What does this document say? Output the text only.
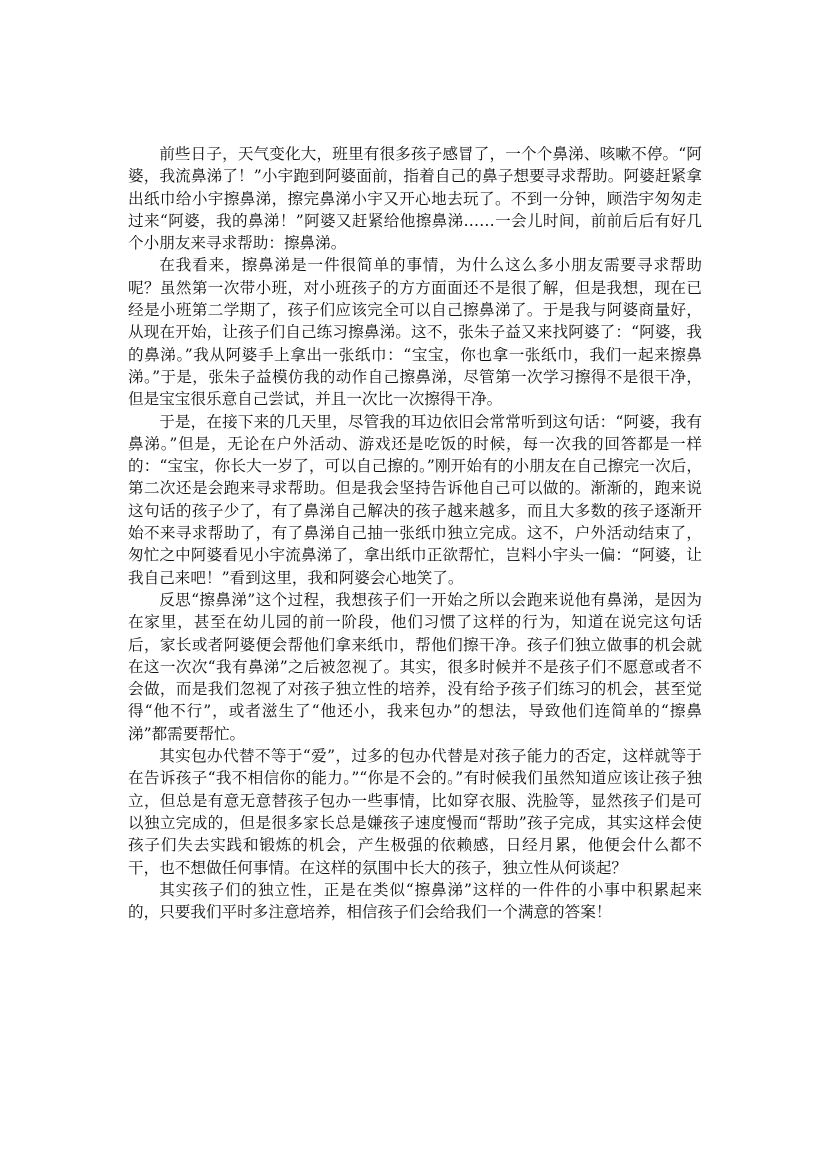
前些日子，天气变化大，班里有很多孩子感冒了，一个个鼻涕、咳嗽不停。“阿婆，我流鼻涕了！”小宇跑到阿婆面前，指着自己的鼻子想要寻求帮助。阿婆赶紧拿出纸巾给小宇擦鼻涕，擦完鼻涕小宇又开心地去玩了。不到一分钟，顾浩宇匆匆走过来“阿婆，我的鼻涕！”阿婆又赶紧给他擦鼻涕……一会儿时间，前前后后有好几个小朋友来寻求帮助：擦鼻涕。

在我看来，擦鼻涕是一件很简单的事情，为什么这么多小朋友需要寻求帮助呢？虽然第一次带小班，对小班孩子的方方面面还不是很了解，但是我想，现在已经是小班第二学期了，孩子们应该完全可以自己擦鼻涕了。于是我与阿婆商量好，从现在开始，让孩子们自己练习擦鼻涕。这不，张朱子益又来找阿婆了：“阿婆，我的鼻涕。”我从阿婆手上拿出一张纸巾：“宝宝，你也拿一张纸巾，我们一起来擦鼻涕。”于是，张朱子益模仿我的动作自己擦鼻涕，尽管第一次学习擦得不是很干净，但是宝宝很乐意自己尝试，并且一次比一次擦得干净。

于是，在接下来的几天里，尽管我的耳边依旧会常常听到这句话：“阿婆，我有鼻涕。”但是，无论在户外活动、游戏还是吃饭的时候，每一次我的回答都是一样的：“宝宝，你长大一岁了，可以自己擦的。”刚开始有的小朋友在自己擦完一次后，第二次还是会跑来寻求帮助。但是我会坚持告诉他自己可以做的。渐渐的，跑来说这句话的孩子少了，有了鼻涕自己解决的孩子越来越多，而且大多数的孩子逐渐开始不来寻求帮助了，有了鼻涕自己抽一张纸巾独立完成。这不，户外活动结束了，匆忙之中阿婆看见小宇流鼻涕了，拿出纸巾正欲帮忙，岂料小宇头一偏：“阿婆，让我自己来吧！”看到这里，我和阿婆会心地笑了。

反思“擦鼻涕”这个过程，我想孩子们一开始之所以会跑来说他有鼻涕，是因为在家里，甚至在幼儿园的前一阶段，他们习惯了这样的行为，知道在说完这句话后，家长或者阿婆便会帮他们拿来纸巾，帮他们擦干净。孩子们独立做事的机会就在这一次次“我有鼻涕”之后被忽视了。其实，很多时候并不是孩子们不愿意或者不会做，而是我们忽视了对孩子独立性的培养，没有给予孩子们练习的机会，甚至觉得“他不行”，或者滋生了“他还小，我来包办”的想法，导致他们连简单的“擦鼻涕”都需要帮忙。

其实包办代替不等于“爱”，过多的包办代替是对孩子能力的否定，这样就等于在告诉孩子“我不相信你的能力。”“你是不会的。”有时候我们虽然知道应该让孩子独立，但总是有意无意替孩子包办一些事情，比如穿衣服、洗脸等，显然孩子们是可以独立完成的，但是很多家长总是嫌孩子速度慢而“帮助”孩子完成，其实这样会使孩子们失去实践和锻炼的机会，产生极强的依赖感，日经月累，他便会什么都不干，也不想做任何事情。在这样的氛围中长大的孩子，独立性从何谈起？

其实孩子们的独立性，正是在类似“擦鼻涕”这样的一件件的小事中积累起来的，只要我们平时多注意培养，相信孩子们会给我们一个满意的答案！
